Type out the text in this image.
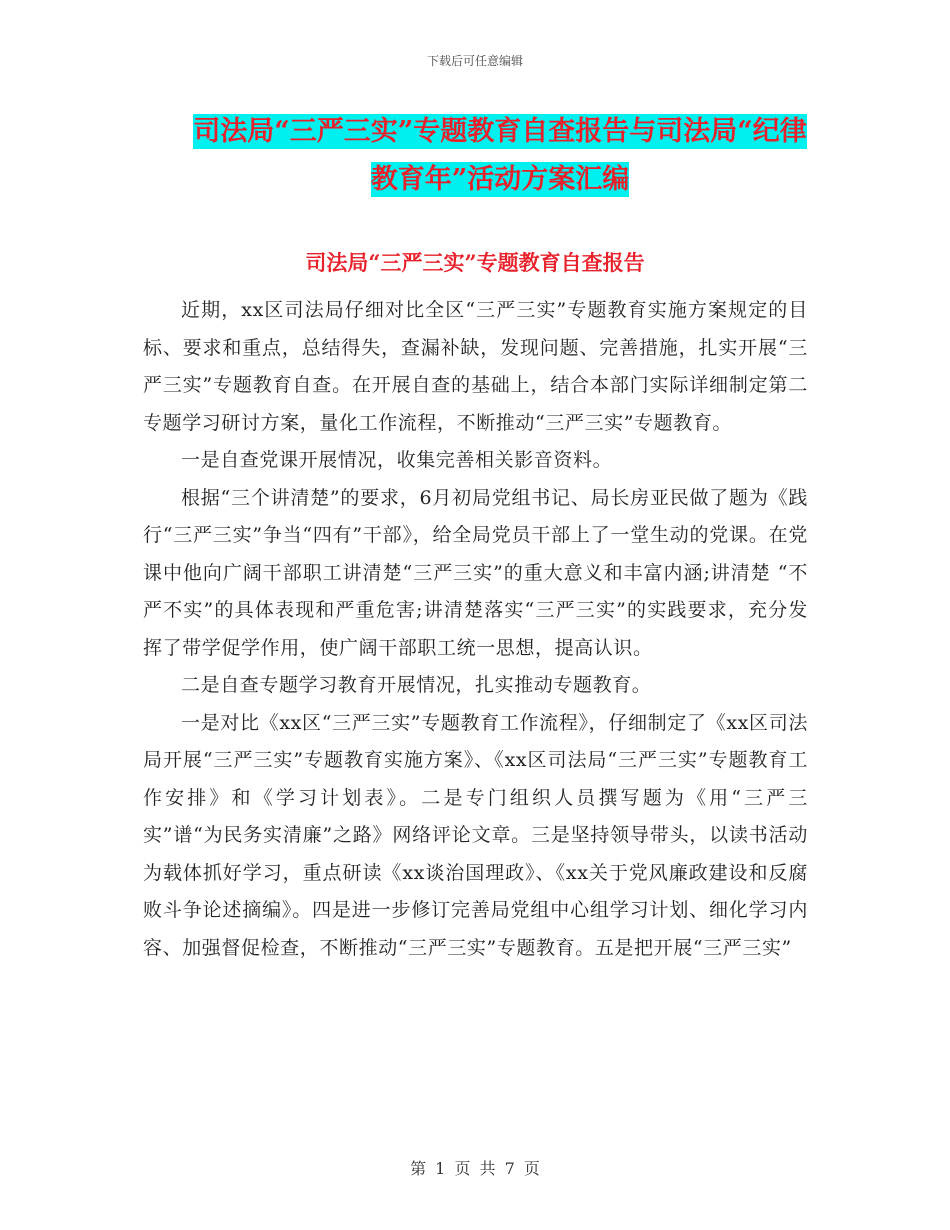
下载后可任意编辑
司法局“三严三实”专题教育自查报告与司法局“纪律教育年”活动方案汇编
司法局“三严三实”专题教育自查报告

近期，xx区司法局仔细对比全区“三严三实”专题教育实施方案规定的目标、要求和重点，总结得失，查漏补缺，发现问题、完善措施，扎实开展“三严三实”专题教育自查。在开展自查的基础上，结合本部门实际详细制定第二专题学习研讨方案，量化工作流程，不断推动“三严三实”专题教育。

一是自查党课开展情况，收集完善相关影音资料。

根据“三个讲清楚”的要求，6月初局党组书记、局长房亚民做了题为《践行“三严三实”争当“四有”干部》，给全局党员干部上了一堂生动的党课。在党课中他向广阔干部职工讲清楚“三严三实”的重大意义和丰富内涵;讲清楚 “不严不实”的具体表现和严重危害;讲清楚落实“三严三实”的实践要求，充分发挥了带学促学作用，使广阔干部职工统一思想，提高认识。

二是自查专题学习教育开展情况，扎实推动专题教育。

一是对比《xx区“三严三实”专题教育工作流程》，仔细制定了《xx区司法局开展“三严三实”专题教育实施方案》、《xx区司法局“三严三实”专题教育工作安排》和《学习计划表》。二是专门组织人员撰写题为《用“三严三实”谱“为民务实清廉”之路》网络评论文章。三是坚持领导带头，以读书活动为载体抓好学习，重点研读《xx谈治国理政》、《xx关于党风廉政建设和反腐败斗争论述摘编》。四是进一步修订完善局党组中心组学习计划、细化学习内容、加强督促检查，不断推动“三严三实”专题教育。五是把开展“三严三实”

第 1 页 共 7 页
